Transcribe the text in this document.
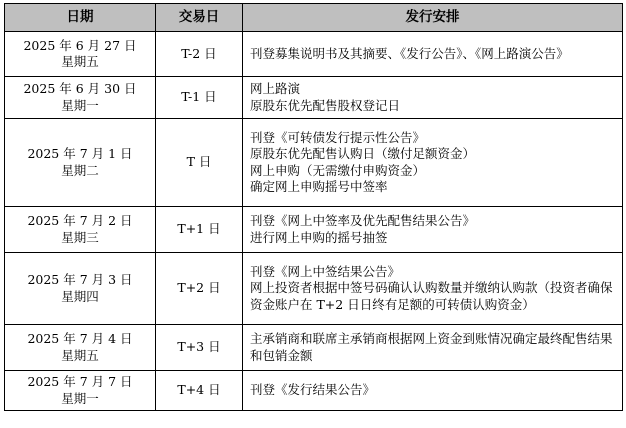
日期	交易日	发行安排

2025 年 6 月 27 日
星期五	T-2 日	刊登募集说明书及其摘要、《发行公告》、《网上路演公告》

2025 年 6 月 30 日
星期一	T-1 日	网上路演
原股东优先配售股权登记日

2025 年 7 月 1 日
星期二	T 日	刊登《可转债发行提示性公告》
原股东优先配售认购日（缴付足额资金）
网上申购（无需缴付申购资金）
确定网上申购摇号中签率

2025 年 7 月 2 日
星期三	T+1 日	刊登《网上中签率及优先配售结果公告》
进行网上申购的摇号抽签

2025 年 7 月 3 日
星期四	T+2 日	刊登《网上中签结果公告》
网上投资者根据中签号码确认认购数量并缴纳认购款（投资者确保资金账户在 T+2 日日终有足额的可转债认购资金）

2025 年 7 月 4 日
星期五	T+3 日	主承销商和联席主承销商根据网上资金到账情况确定最终配售结果和包销金额

2025 年 7 月 7 日
星期一	T+4 日	刊登《发行结果公告》
